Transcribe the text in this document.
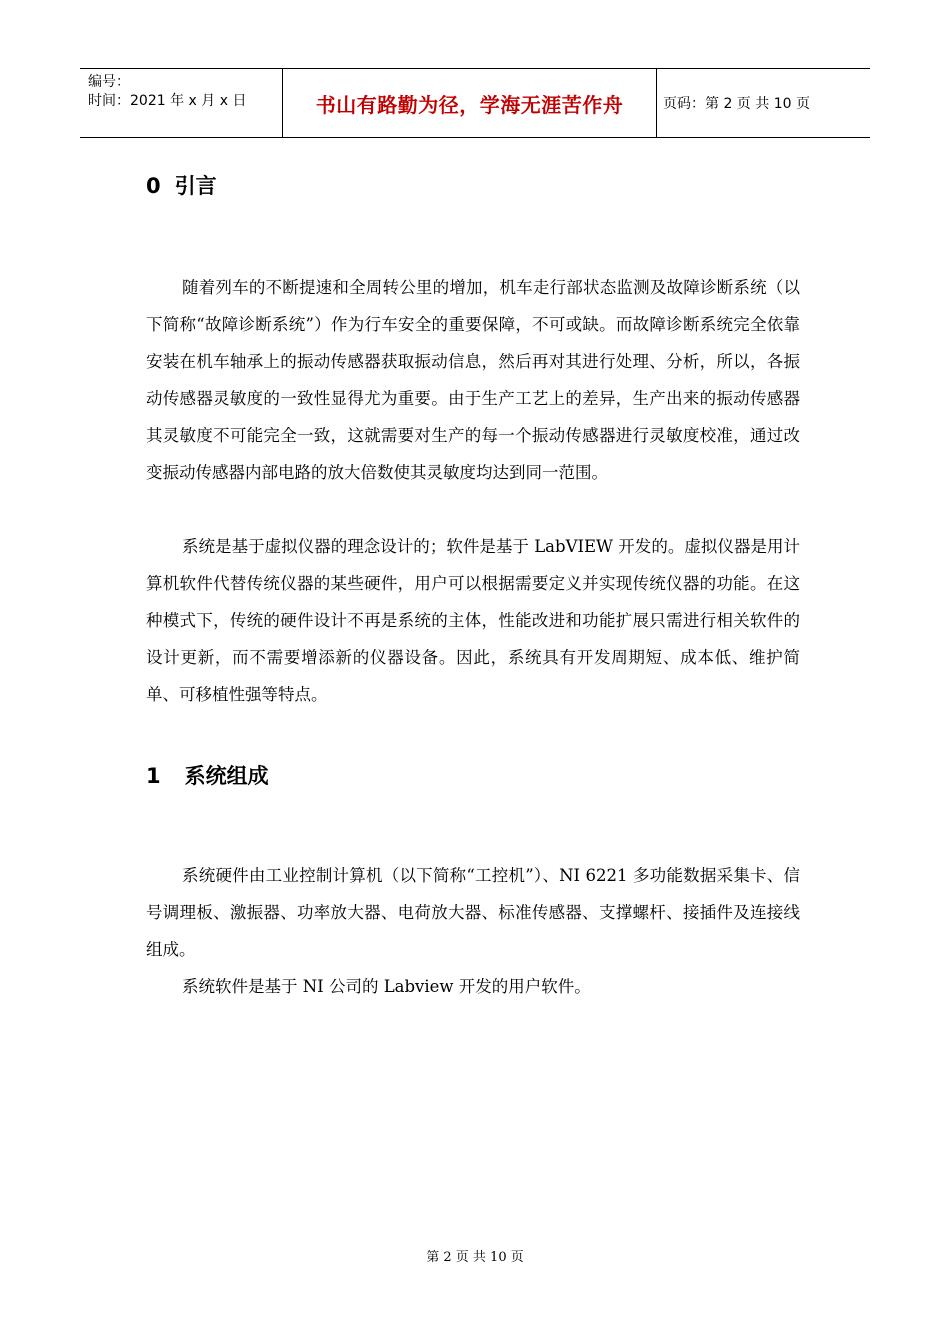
编号：
时间：2021 年 x 月 x 日	书山有路勤为径，学海无涯苦作舟	页码：第 2 页 共 10 页
0 引言

随着列车的不断提速和全周转公里的增加，机车走行部状态监测及故障诊断系统（以下简称“故障诊断系统”）作为行车安全的重要保障，不可或缺。而故障诊断系统完全依靠安装在机车轴承上的振动传感器获取振动信息，然后再对其进行处理、分析，所以，各振动传感器灵敏度的一致性显得尤为重要。由于生产工艺上的差异，生产出来的振动传感器其灵敏度不可能完全一致，这就需要对生产的每一个振动传感器进行灵敏度校准，通过改变振动传感器内部电路的放大倍数使其灵敏度均达到同一范围。

系统是基于虚拟仪器的理念设计的；软件是基于 LabVIEW 开发的。虚拟仪器是用计算机软件代替传统仪器的某些硬件，用户可以根据需要定义并实现传统仪器的功能。在这种模式下，传统的硬件设计不再是系统的主体，性能改进和功能扩展只需进行相关软件的设计更新，而不需要增添新的仪器设备。因此，系统具有开发周期短、成本低、维护简单、可移植性强等特点。

1 系统组成

系统硬件由工业控制计算机（以下简称“工控机”）、NI 6221 多功能数据采集卡、信号调理板、激振器、功率放大器、电荷放大器、标准传感器、支撑螺杆、接插件及连接线组成。

系统软件是基于 NI 公司的 Labview 开发的用户软件。

第 2 页 共 10 页
